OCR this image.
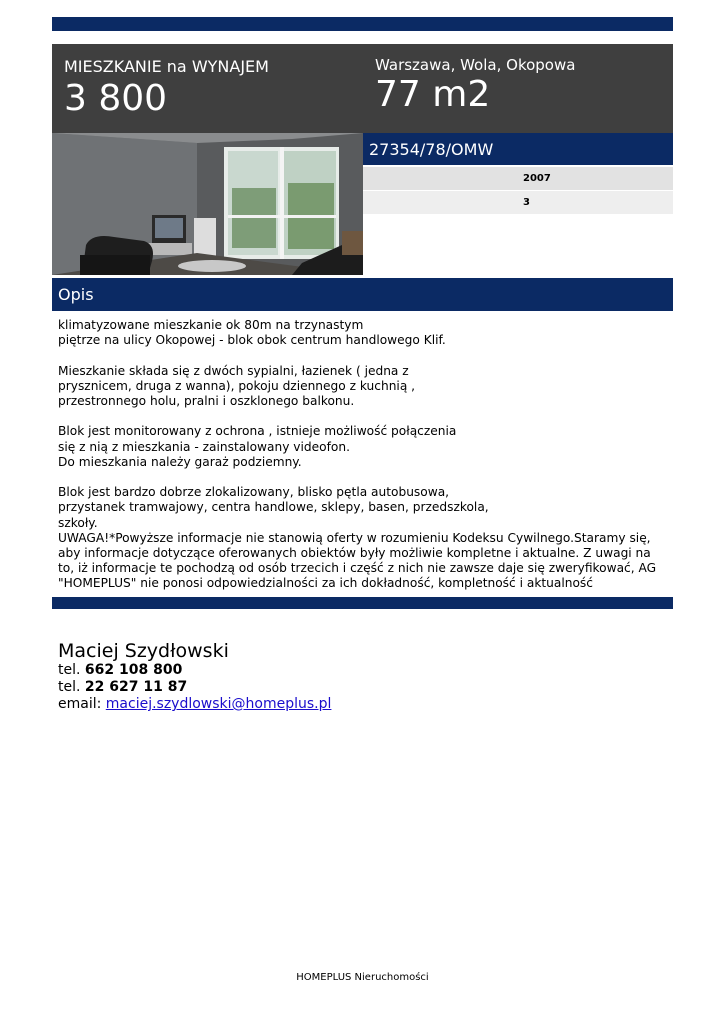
MIESZKANIE na WYNAJEM
3 800
Warszawa, Wola, Okopowa
77 m2
27354/78/OMW
2007
3
Opis
klimatyzowane mieszkanie ok 80m na trzynastym
piętrze na ulicy Okopowej - blok obok centrum handlowego Klif.

Mieszkanie składa się z dwóch sypialni, łazienek ( jedna z
prysznicem, druga z wanna), pokoju dziennego z kuchnią ,
przestronnego holu, pralni i oszklonego balkonu.

Blok jest monitorowany z ochrona , istnieje możliwość połączenia
się z nią z mieszkania - zainstalowany videofon.
Do mieszkania należy garaż podziemny.

Blok jest bardzo dobrze zlokalizowany, blisko pętla autobusowa,
przystanek tramwajowy, centra handlowe, sklepy, basen, przedszkola,
szkoły.
UWAGA!*Powyższe informacje nie stanowią oferty w rozumieniu Kodeksu Cywilnego.Staramy się,
aby informacje dotyczące oferowanych obiektów były możliwie kompletne i aktualne. Z uwagi na
to, iż informacje te pochodzą od osób trzecich i część z nich nie zawsze daje się zweryfikować, AG
"HOMEPLUS" nie ponosi odpowiedzialności za ich dokładność, kompletność i aktualność
Maciej Szydłowski
tel. 662 108 800
tel. 22 627 11 87
email: maciej.szydlowski@homeplus.pl
HOMEPLUS Nieruchomości
